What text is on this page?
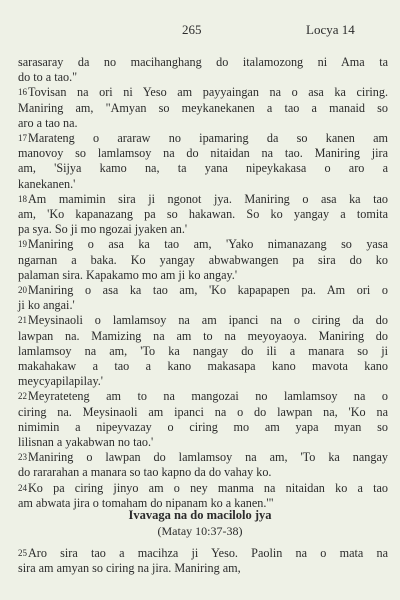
265	Locya 14
sarasaray da no macihanghang do italamozong ni Ama ta
do to a tao."
16Tovisan na ori ni Yeso am payyaingan na o asa ka ciring.
Maniring am, "Amyan so meykanekanen a tao a manaid so
aro a tao na.
17Marateng o araraw no ipamaring da so kanen am
manovoy so lamlamsoy na do nitaidan na tao. Maniring jira
am, 'Sijya kamo na, ta yana nipeykakasa o aro a
kanekanen.'
18Am mamimin sira ji ngonot jya. Maniring o asa ka tao
am, 'Ko kapanazang pa so hakawan. So ko yangay a tomita
pa sya. So ji mo ngozai jyaken an.'
19Maniring o asa ka tao am, 'Yako nimanazang so yasa
ngarnan a baka. Ko yangay abwabwangen pa sira do ko
palaman sira. Kapakamo mo am ji ko angay.'
20Maniring o asa ka tao am, 'Ko kapapapen pa. Am ori o
ji ko angai.'
21Meysinaoli o lamlamsoy na am ipanci na o ciring da do
lawpan na. Mamizing na am to na meyoyaoya. Maniring do
lamlamsoy na am, 'To ka nangay do ili a manara so ji
makahakaw a tao a kano makasapa kano mavota kano
meycyapilapilay.'
22Meyrateteng am to na mangozai no lamlamsoy na o
ciring na. Meysinaoli am ipanci na o do lawpan na, 'Ko na
nimimin a nipeyvazay o ciring mo am yapa myan so
lilisnan a yakabwan no tao.'
23Maniring o lawpan do lamlamsoy na am, 'To ka nangay
do rararahan a manara so tao kapno da do vahay ko.
24Ko pa ciring jinyo am o ney manma na nitaidan ko a tao
am abwata jira o tomaham do nipanam ko a kanen.'"
Ivavaga na do macilolo jya
(Matay 10:37-38)
25Aro sira tao a macihza ji Yeso. Paolin na o mata na
sira am amyan so ciring na jira. Maniring am,
